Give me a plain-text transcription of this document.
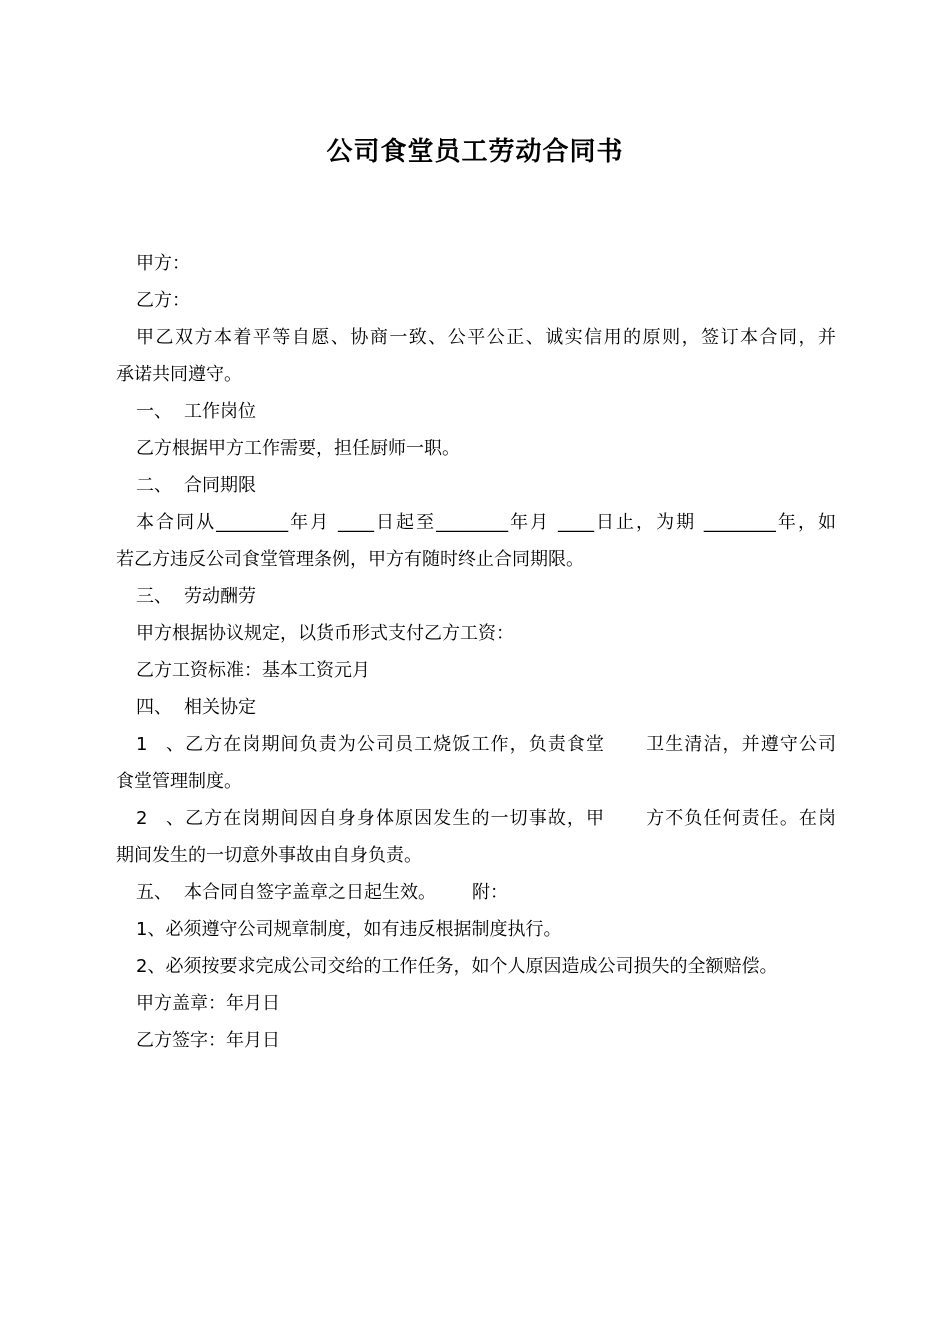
公司食堂员工劳动合同书

甲方：

乙方：

甲乙双方本着平等自愿、协商一致、公平公正、诚实信用的原则，签订本合同，并

承诺共同遵守。

一、 工作岗位

乙方根据甲方工作需要，担任厨师一职。

二、 合同期限

本合同从________年月 ____日起至________年月 ____日止，为期 ________年，如

若乙方违反公司食堂管理条例，甲方有随时终止合同期限。

三、 劳动酬劳

甲方根据协议规定，以货币形式支付乙方工资：

乙方工资标准：基本工资元月

四、 相关协定

1、乙方在岗期间负责为公司员工烧饭工作，负责食堂 卫生清洁，并遵守公司

食堂管理制度。

2、乙方在岗期间因自身身体原因发生的一切事故，甲 方不负任何责任。在岗

期间发生的一切意外事故由自身负责。

五、 本合同自签字盖章之日起生效。 附：

1、必须遵守公司规章制度，如有违反根据制度执行。

2、必须按要求完成公司交给的工作任务，如个人原因造成公司损失的全额赔偿。

甲方盖章：年月日

乙方签字：年月日
